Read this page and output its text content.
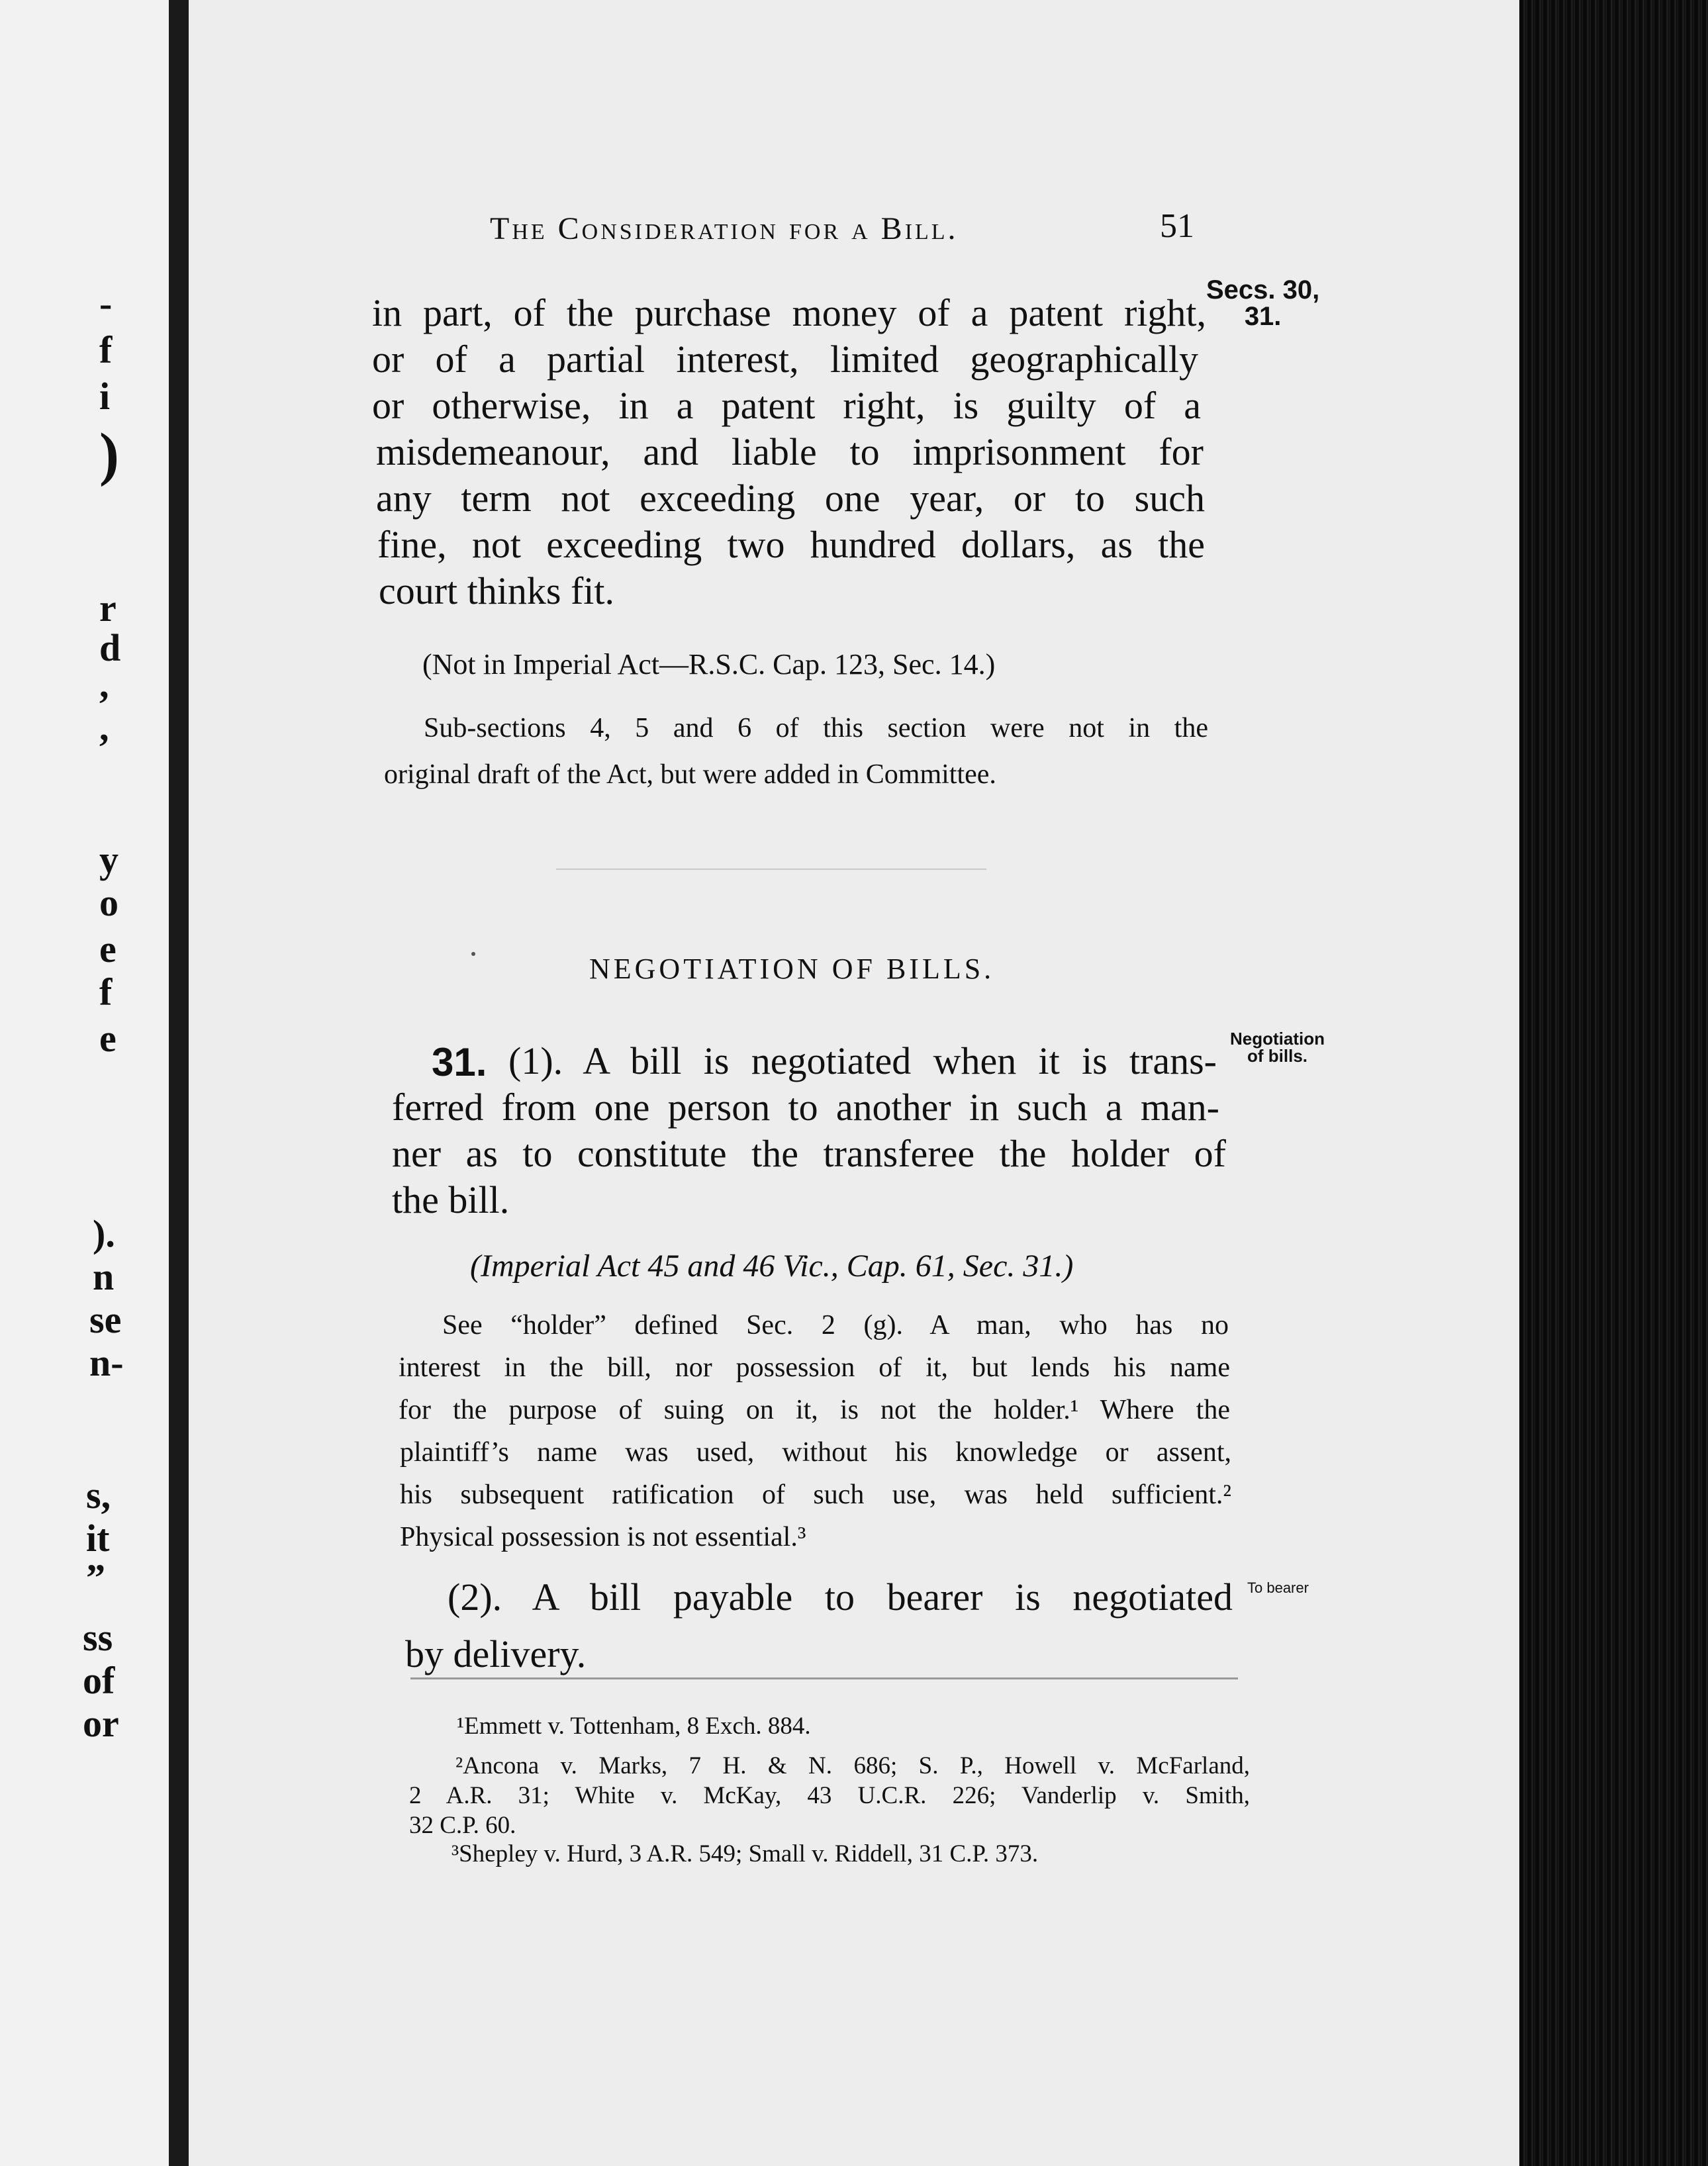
-
f
i
)
r
d
,
,
y
o
e
f
e
).
n
se
n-
s,
it
”
ss
of
or
The Consideration for a Bill.	51
Secs. 30,
31.
in part, of the purchase money of a patent right,
or of a partial interest, limited geographically
or otherwise, in a patent right, is guilty of a
misdemeanour, and liable to imprisonment for
any term not exceeding one year, or to such
fine, not exceeding two hundred dollars, as the
court thinks fit.
(Not in Imperial Act—R.S.C. Cap. 123, Sec. 14.)
Sub-sections 4, 5 and 6 of this section were not in the
original draft of the Act, but were added in Committee.
NEGOTIATION OF BILLS.
Negotiation
of bills.
31. (1). A bill is negotiated when it is trans-
ferred from one person to another in such a man-
ner as to constitute the transferee the holder of
the bill.
(Imperial Act 45 and 46 Vic., Cap. 61, Sec. 31.)
See “holder” defined Sec. 2 (g). A man, who has no
interest in the bill, nor possession of it, but lends his name
for the purpose of suing on it, is not the holder.¹ Where the
plaintiff’s name was used, without his knowledge or assent,
his subsequent ratification of such use, was held sufficient.²
Physical possession is not essential.³
To bearer
(2). A bill payable to bearer is negotiated
by delivery.
¹Emmett v. Tottenham, 8 Exch. 884.
²Ancona v. Marks, 7 H. & N. 686; S. P., Howell v. McFarland,
2 A.R. 31; White v. McKay, 43 U.C.R. 226; Vanderlip v. Smith,
32 C.P. 60.
³Shepley v. Hurd, 3 A.R. 549; Small v. Riddell, 31 C.P. 373.
